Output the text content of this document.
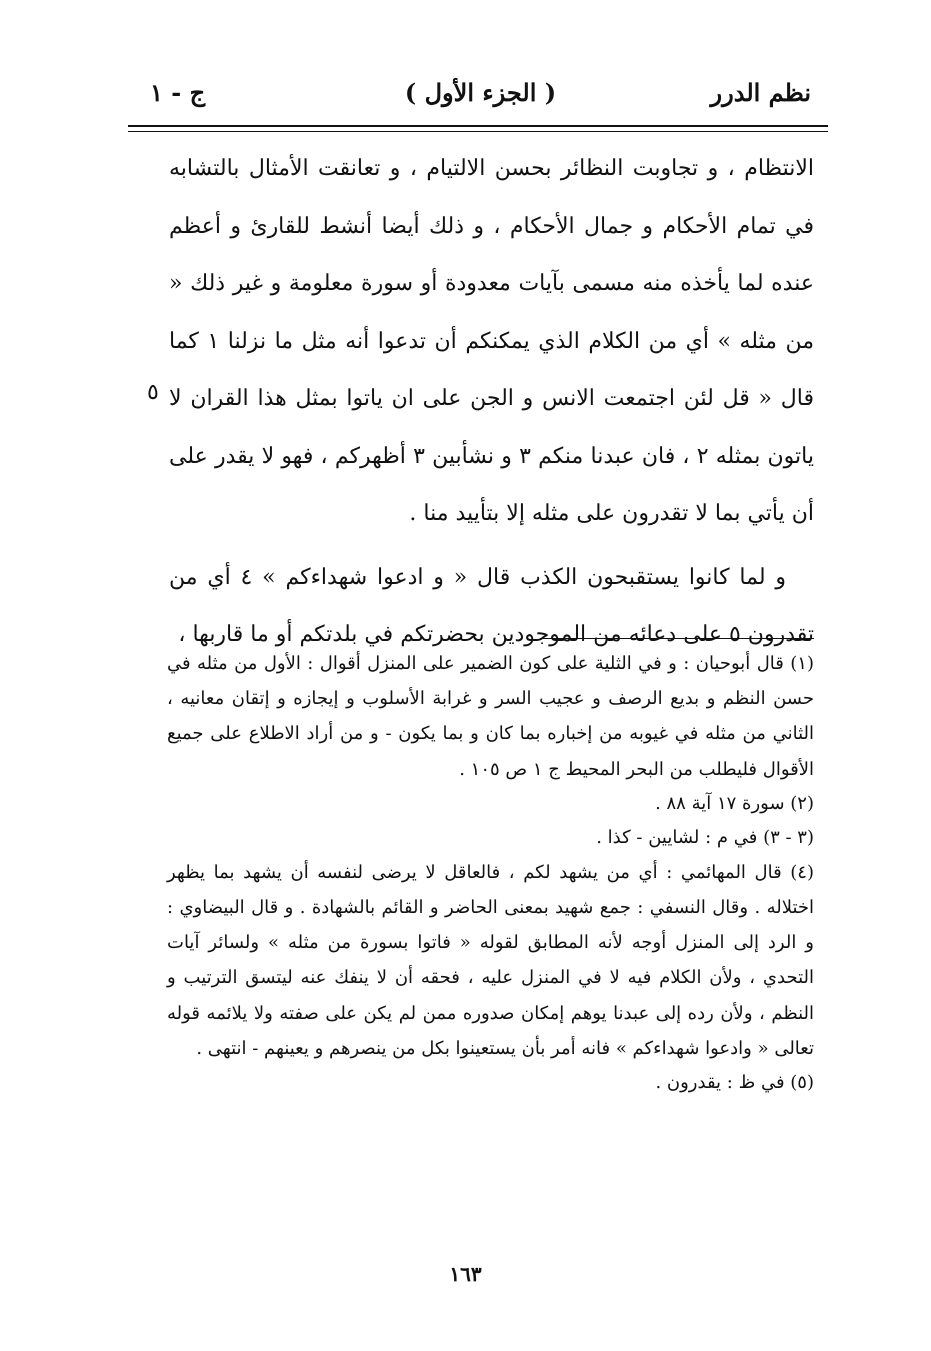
نظم الدرر
( الجزء الأول )
ج - ١

الانتظام ، و تجاوبت النظائر بحسن الالتيام ، و تعانقت الأمثال بالتشابه في تمام الأحكام و جمال الأحكام ، و ذلك أيضا أنشط للقارئ و أعظم عنده لما يأخذه منه مسمى بآيات معدودة أو سورة معلومة و غير ذلك « من مثله » أي من الكلام الذي يمكنكم أن تدعوا أنه مثل ما نزلنا ١ كما قال « قل لئن اجتمعت الانس و الجن على ان ياتوا بمثل هذا القران لا ياتون بمثله ٢ ، فان عبدنا منكم ٣ و نشأبين ٣ أظهركم ، فهو لا يقدر على أن يأتي بما لا تقدرون على مثله إلا بتأييد منا .

و لما كانوا يستقبحون الكذب قال « و ادعوا شهداءكم » ٤ أي من تقدرون ٥ على دعائه من الموجودين بحضرتكم في بلدتكم أو ما قاربها ،

٥

(١) قال أبوحيان : و في الثلية على كون الضمير على المنزل أقوال : الأول من مثله في حسن النظم و بديع الرصف و عجيب السر و غرابة الأسلوب و إيجازه و إتقان معانيه ، الثاني من مثله في غيوبه من إخباره بما كان و بما يكون - و من أراد الاطلاع على جميع الأقوال فليطلب من البحر المحيط ج ١ ص ١٠٥ .

(٢) سورة ١٧ آية ٨٨ .

(٣ - ٣) في م : لشايين - كذا .

(٤) قال المهائمي : أي من يشهد لكم ، فالعاقل لا يرضى لنفسه أن يشهد بما يظهر اختلاله . وقال النسفي : جمع شهيد بمعنى الحاضر و القائم بالشهادة . و قال البيضاوي : و الرد إلى المنزل أوجه لأنه المطابق لقوله « فاتوا بسورة من مثله » ولسائر آيات التحدي ، ولأن الكلام فيه لا في المنزل عليه ، فحقه أن لا ينفك عنه ليتسق الترتيب و النظم ، ولأن رده إلى عبدنا يوهم إمكان صدوره ممن لم يكن على صفته ولا يلائمه قوله تعالى « وادعوا شهداءكم » فانه أمر بأن يستعينوا بكل من ينصرهم و يعينهم - انتهى .

(٥) في ظ : يقدرون .

١٦٣
